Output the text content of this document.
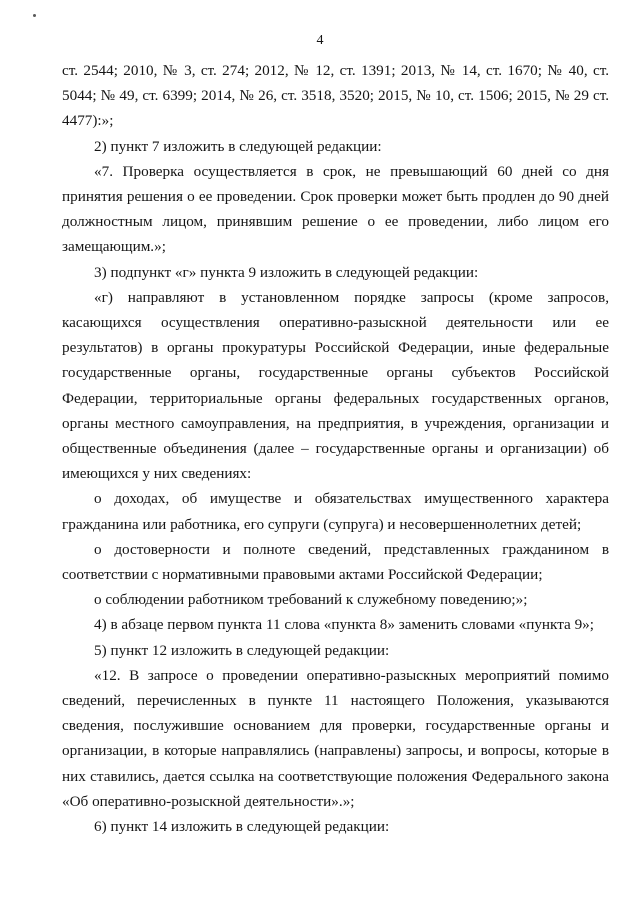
4

ст. 2544; 2010, № 3, ст. 274; 2012, № 12, ст. 1391; 2013, № 14, ст. 1670; № 40, ст. 5044; № 49, ст. 6399; 2014, № 26, ст. 3518, 3520; 2015, № 10, ст. 1506; 2015, № 29 ст. 4477):»;

2) пункт 7 изложить в следующей редакции:

«7. Проверка осуществляется в срок, не превышающий 60 дней со дня принятия решения о ее проведении. Срок проверки может быть продлен до 90 дней должностным лицом, принявшим решение о ее проведении, либо лицом его замещающим.»;

3) подпункт «г» пункта 9 изложить в следующей редакции:

«г) направляют в установленном порядке запросы (кроме запросов, касающихся осуществления оперативно-разыскной деятельности или ее результатов) в органы прокуратуры Российской Федерации, иные федеральные государственные органы, государственные органы субъектов Российской Федерации, территориальные органы федеральных государственных органов, органы местного самоуправления, на предприятия, в учреждения, организации и общественные объединения (далее – государственные органы и организации) об имеющихся у них сведениях:

о доходах, об имуществе и обязательствах имущественного характера гражданина или работника, его супруги (супруга) и несовершеннолетних детей;

о достоверности и полноте сведений, представленных гражданином в соответствии с нормативными правовыми актами Российской Федерации;

о соблюдении работником требований к служебному поведению;»;

4) в абзаце первом пункта 11 слова «пункта 8» заменить словами «пункта 9»;

5) пункт 12 изложить в следующей редакции:

«12. В запросе о проведении оперативно-разыскных мероприятий помимо сведений, перечисленных в пункте 11 настоящего Положения, указываются сведения, послужившие основанием для проверки, государственные органы и организации, в которые направлялись (направлены) запросы, и вопросы, которые в них ставились, дается ссылка на соответствующие положения Федерального закона «Об оперативно-розыскной деятельности».»;

6) пункт 14 изложить в следующей редакции:
